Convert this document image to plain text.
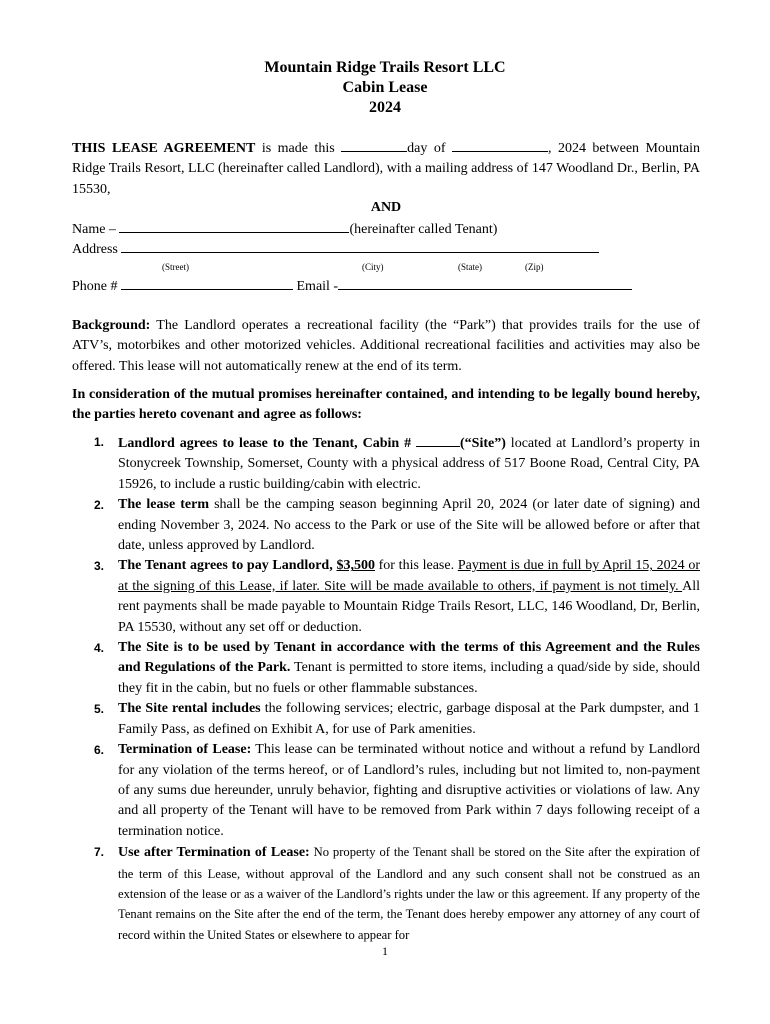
Mountain Ridge Trails Resort LLC
Cabin Lease
2024
THIS LEASE AGREEMENT is made this	day of	, 2024 between Mountain Ridge Trails Resort, LLC (hereinafter called Landlord), with a mailing address of 147 Woodland Dr., Berlin, PA 15530,
AND
Name –	(hereinafter called Tenant)
Address
(Street)	(City)	(State)	(Zip)
Phone #	Email -
Background: The Landlord operates a recreational facility (the “Park”) that provides trails for the use of ATV’s, motorbikes and other motorized vehicles. Additional recreational facilities and activities may also be offered. This lease will not automatically renew at the end of its term.
In consideration of the mutual promises hereinafter contained, and intending to be legally bound hereby, the parties hereto covenant and agree as follows:
1. Landlord agrees to lease to the Tenant, Cabin #	(“Site”) located at Landlord’s property in Stonycreek Township, Somerset, County with a physical address of 517 Boone Road, Central City, PA 15926, to include a rustic building/cabin with electric.
2. The lease term shall be the camping season beginning April 20, 2024 (or later date of signing) and ending November 3, 2024. No access to the Park or use of the Site will be allowed before or after that date, unless approved by Landlord.
3. The Tenant agrees to pay Landlord, $3,500 for this lease. Payment is due in full by April 15, 2024 or at the signing of this Lease, if later. Site will be made available to others, if payment is not timely. All rent payments shall be made payable to Mountain Ridge Trails Resort, LLC, 146 Woodland, Dr, Berlin, PA 15530, without any set off or deduction.
4. The Site is to be used by Tenant in accordance with the terms of this Agreement and the Rules and Regulations of the Park. Tenant is permitted to store items, including a quad/side by side, should they fit in the cabin, but no fuels or other flammable substances.
5. The Site rental includes the following services; electric, garbage disposal at the Park dumpster, and 1 Family Pass, as defined on Exhibit A, for use of Park amenities.
6. Termination of Lease: This lease can be terminated without notice and without a refund by Landlord for any violation of the terms hereof, or of Landlord’s rules, including but not limited to, non-payment of any sums due hereunder, unruly behavior, fighting and disruptive activities or violations of law. Any and all property of the Tenant will have to be removed from Park within 7 days following receipt of a termination notice.
7. Use after Termination of Lease: No property of the Tenant shall be stored on the Site after the expiration of the term of this Lease, without approval of the Landlord and any such consent shall not be construed as an extension of the lease or as a waiver of the Landlord’s rights under the law or this agreement. If any property of the Tenant remains on the Site after the end of the term, the Tenant does hereby empower any attorney of any court of record within the United States or elsewhere to appear for
1
